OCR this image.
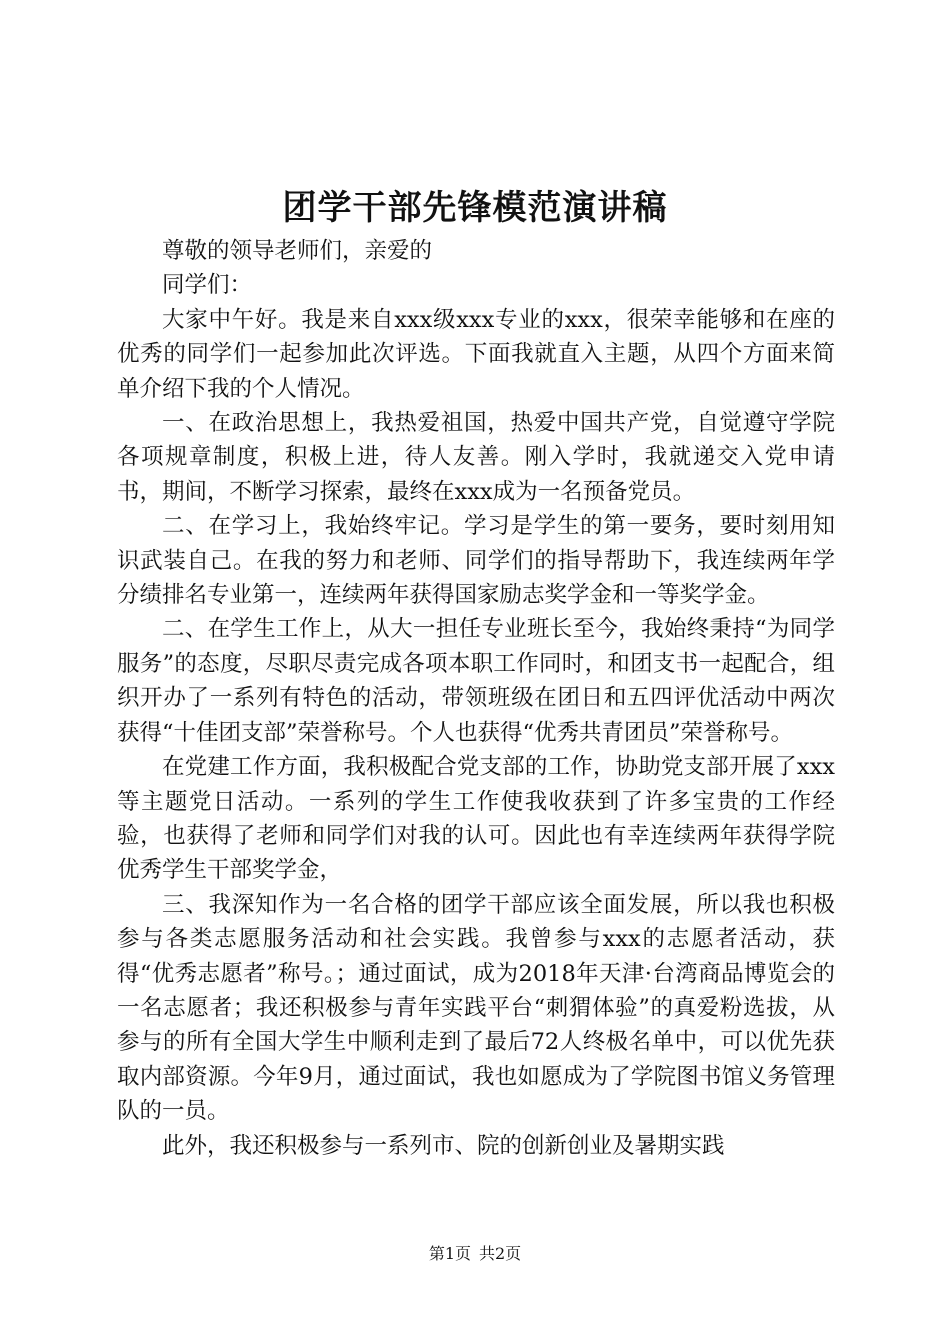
团学干部先锋模范演讲稿

尊敬的领导老师们，亲爱的

同学们：

大家中午好。我是来自xxx级xxx专业的xxx，很荣幸能够和在座的优秀的同学们一起参加此次评选。下面我就直入主题，从四个方面来简单介绍下我的个人情况。

一、在政治思想上，我热爱祖国，热爱中国共产党，自觉遵守学院各项规章制度，积极上进，待人友善。刚入学时，我就递交入党申请书，期间，不断学习探索，最终在xxx成为一名预备党员。

二、在学习上，我始终牢记。学习是学生的第一要务，要时刻用知识武装自己。在我的努力和老师、同学们的指导帮助下，我连续两年学分绩排名专业第一，连续两年获得国家励志奖学金和一等奖学金。

二、在学生工作上，从大一担任专业班长至今，我始终秉持“为同学服务”的态度，尽职尽责完成各项本职工作同时，和团支书一起配合，组织开办了一系列有特色的活动，带领班级在团日和五四评优活动中两次获得“十佳团支部”荣誉称号。个人也获得“优秀共青团员”荣誉称号。

在党建工作方面，我积极配合党支部的工作，协助党支部开展了xxx等主题党日活动。一系列的学生工作使我收获到了许多宝贵的工作经验，也获得了老师和同学们对我的认可。因此也有幸连续两年获得学院优秀学生干部奖学金，

三、我深知作为一名合格的团学干部应该全面发展，所以我也积极参与各类志愿服务活动和社会实践。我曾参与xxx的志愿者活动，获得“优秀志愿者”称号。；通过面试，成为2018年天津·台湾商品博览会的一名志愿者；我还积极参与青年实践平台“刺猬体验”的真爱粉选拔，从参与的所有全国大学生中顺利走到了最后72人终极名单中，可以优先获取内部资源。今年9月，通过面试，我也如愿成为了学院图书馆义务管理队的一员。

此外，我还积极参与一系列市、院的创新创业及暑期实践

第1页 共2页
